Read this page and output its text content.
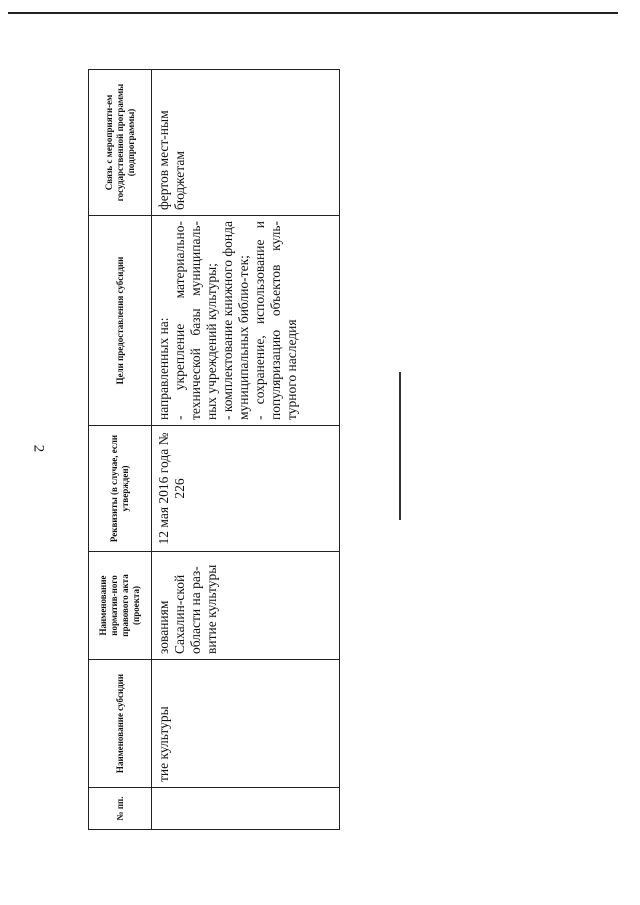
2
№ пп.	Наименование субсидии	Наименование норматив-ного правового акта (проекта)	Реквизиты (в случае, если утвержден)	Цели предоставления субсидии	Связь с мероприяти-ем государственной программы (подпрограммы)
	тие культуры	зованиям Сахалин-ской области на раз-витие культуры	12 мая 2016 года № 226	направленных на: - укрепление материально-технической базы муниципаль-ных учреждений культуры; - комплектование книжного фонда муниципальных библио-тек; - сохранение, использование и популяризацию объектов куль-турного наследия	фертов мест-ным бюджетам
